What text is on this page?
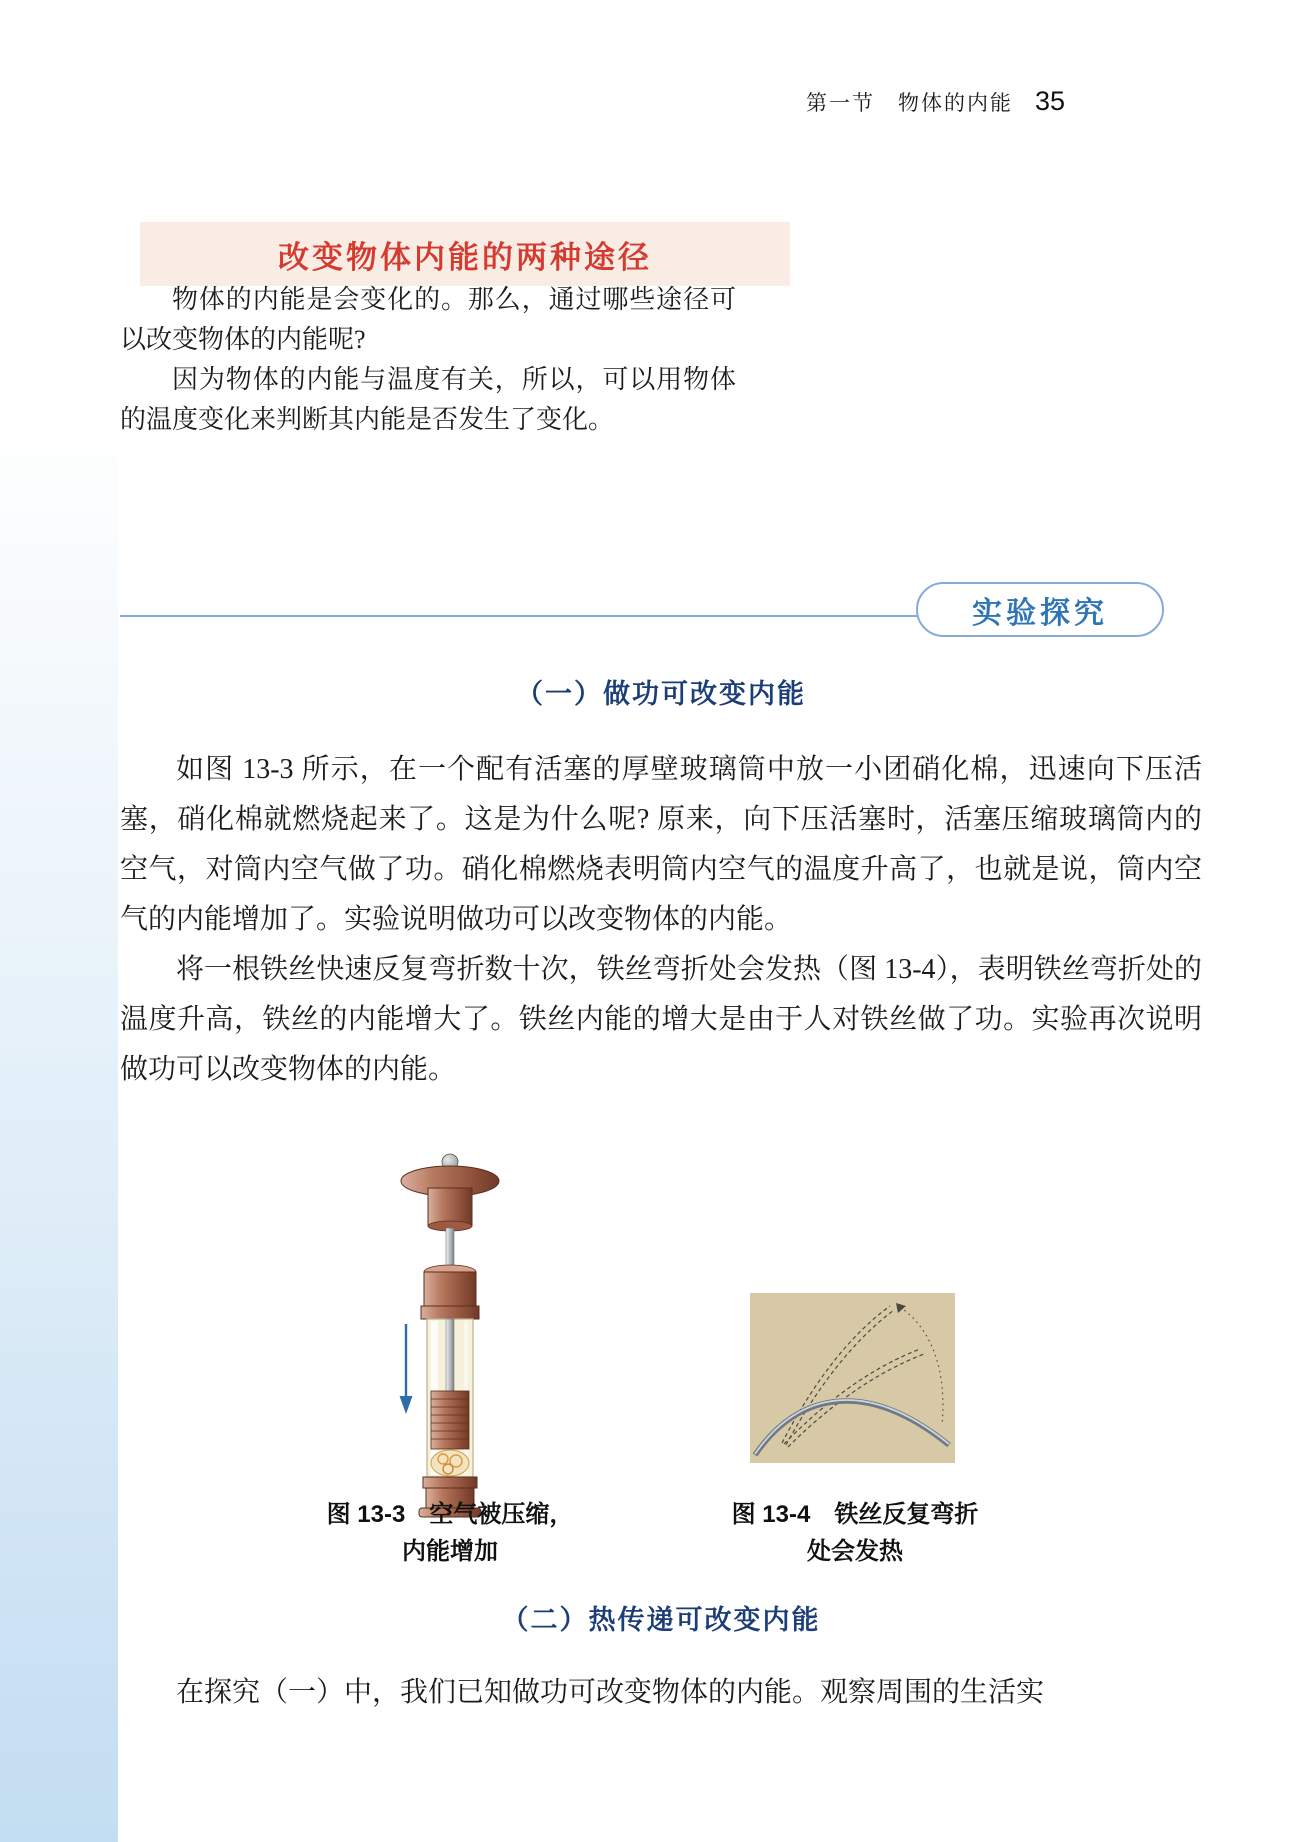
第一节　物体的内能 35
改变物体内能的两种途径

物体的内能是会变化的。那么，通过哪些途径可以改变物体的内能呢?

因为物体的内能与温度有关，所以，可以用物体的温度变化来判断其内能是否发生了变化。

实验探究
（一）做功可改变内能

如图 13-3 所示，在一个配有活塞的厚壁玻璃筒中放一小团硝化棉，迅速向下压活塞，硝化棉就燃烧起来了。这是为什么呢? 原来，向下压活塞时，活塞压缩玻璃筒内的空气，对筒内空气做了功。硝化棉燃烧表明筒内空气的温度升高了，也就是说，筒内空气的内能增加了。实验说明做功可以改变物体的内能。

将一根铁丝快速反复弯折数十次，铁丝弯折处会发热（图 13-4），表明铁丝弯折处的温度升高，铁丝的内能增大了。铁丝内能的增大是由于人对铁丝做了功。实验再次说明做功可以改变物体的内能。

图 13-3　空气被压缩，
内能增加
图 13-4　铁丝反复弯折
处会发热
（二）热传递可改变内能

在探究（一）中，我们已知做功可改变物体的内能。观察周围的生活实
